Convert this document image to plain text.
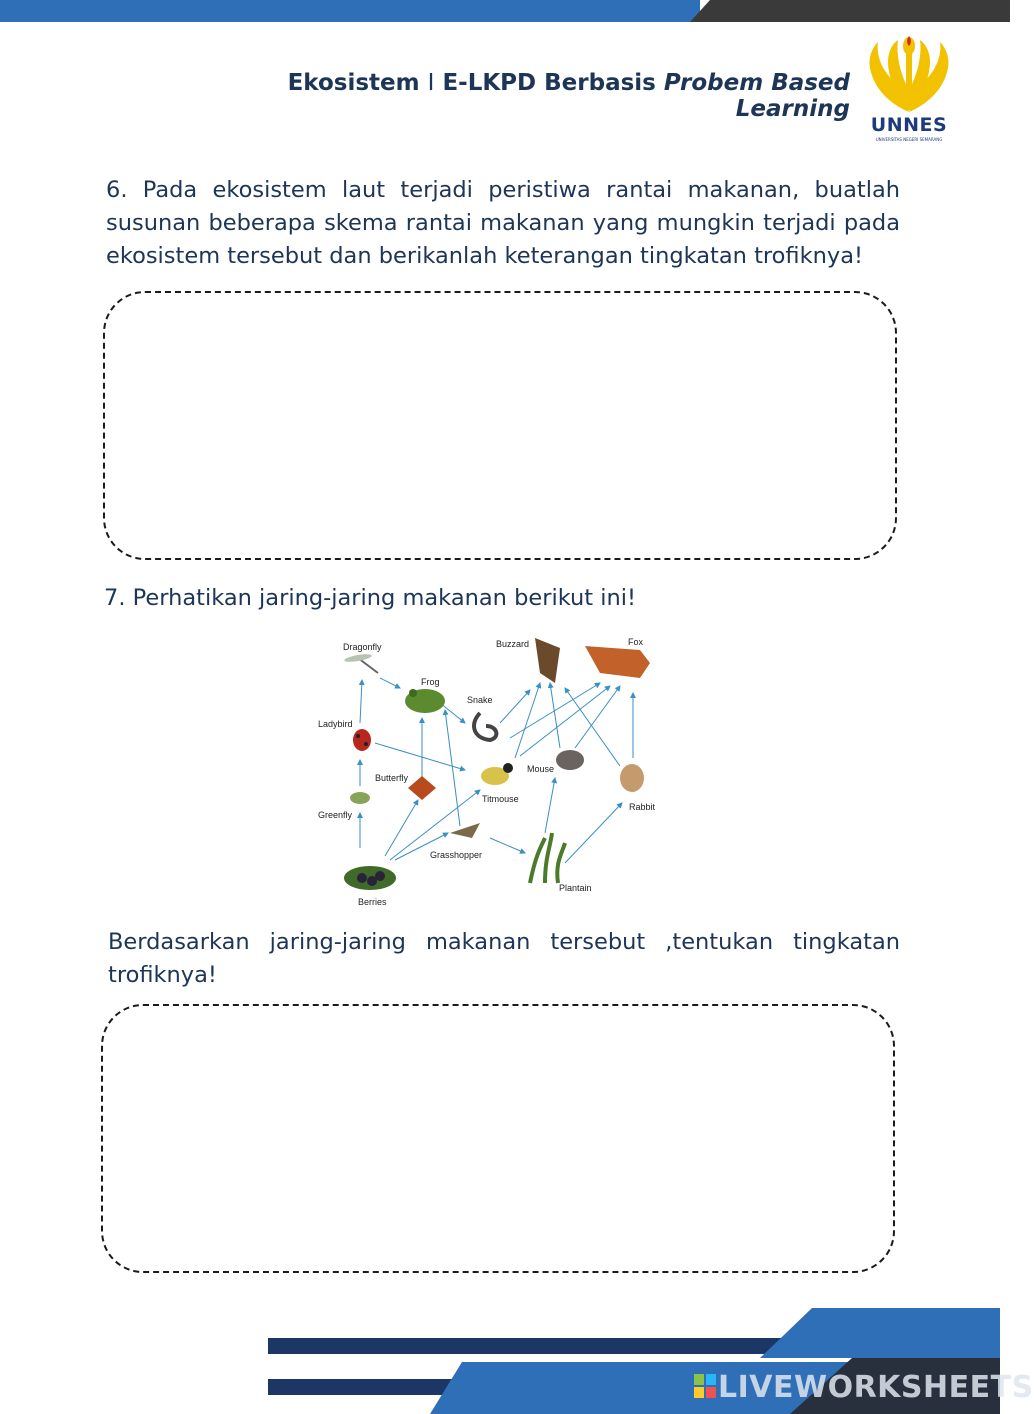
Ekosistem I E-LKPD Berbasis Probem Based Learning
UNNES
UNIVERSITAS NEGERI SEMARANG
6. Pada ekosistem laut terjadi peristiwa rantai makanan, buatlah susunan beberapa skema rantai makanan yang mungkin terjadi pada ekosistem tersebut dan berikanlah keterangan tingkatan trofiknya!
7. Perhatikan jaring-jaring makanan berikut ini!
Dragonfly
Frog
Buzzard	Fox
Snake
Ladybird
Mouse
Butterfly
Titmouse
Rabbit
Greenfly
Grasshopper
Plantain
Berries
Berdasarkan jaring-jaring makanan tersebut ,tentukan tingkatan trofiknya!
LIVEWORKSHEETS
